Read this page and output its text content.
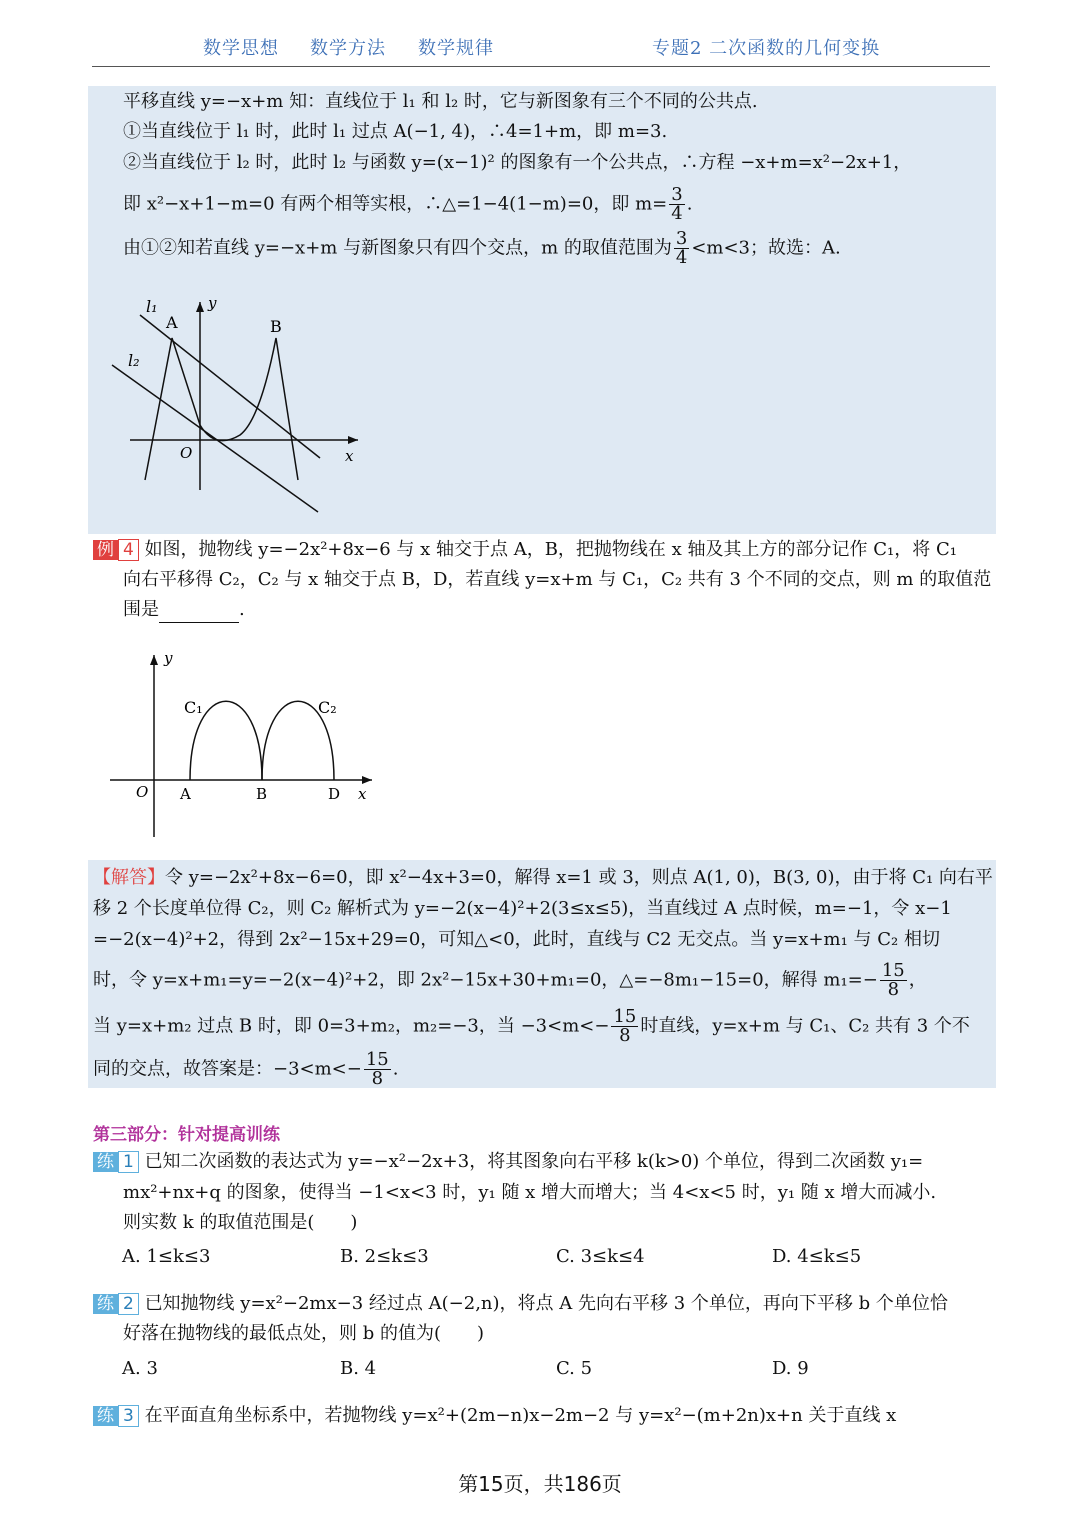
数学思想 数学方法 数学规律	专题2 二次函数的几何变换
平移直线 y=−x+m 知：直线位于 l₁ 和 l₂ 时，它与新图象有三个不同的公共点.
①当直线位于 l₁ 时，此时 l₁ 过点 A(−1, 4)，∴4=1+m，即 m=3.
②当直线位于 l₂ 时，此时 l₂ 与函数 y=(x−1)² 的图象有一个公共点，∴方程 −x+m=x²−2x+1，
即 x²−x+1−m=0 有两个相等实根，∴△=1−4(1−m)=0，即 $m= \frac{3}{4}$ .
由①②知若直线 y=−x+m 与新图象只有四个交点，m 的取值范围为 $\frac{3}{4} <m<3$；故选：A.
l₁
A	B
l₂
O	x
y
例 4 如图，抛物线 y=−2x²+8x−6 与 x 轴交于点 A，B，把抛物线在 x 轴及其上方的部分记作 C₁，将 C₁
向右平移得 C₂，C₂ 与 x 轴交于点 B，D，若直线 y=x+m 与 C₁，C₂ 共有 3 个不同的交点，则 m 的取值范
围是	.
C₁	C₂
O A	B	D x
y
【解答】令 y=−2x²+8x−6=0，即 x²−4x+3=0，解得 x=1 或 3，则点 A(1, 0)，B(3, 0)，由于将 C₁ 向右平
移 2 个长度单位得 C₂，则 C₂ 解析式为 y=−2(x−4)²+2(3≤x≤5)，当直线过 A 点时候，m=−1，令 x−1
=−2(x−4)²+2，得到 2x²−15x+29=0，可知△<0，此时，直线与 C2 无交点。当 y=x+m₁ 与 C₂ 相切
时，令 y=x+m₁=y=−2(x−4)²+2，即 2x²−15x+30+m₁=0，△=−8m₁−15=0，解得 $m_1=- \frac{15}{8}$ ，
当 y=x+m₂ 过点 B 时，即 0=3+m₂，m₂=−3，当 $-3<m<- \frac{15}{8}$ 时直线，y=x+m 与 C₁、C₂ 共有 3 个不
同的交点，故答案是：$-3<m<- \frac{15}{8}$ .
第三部分：针对提高训练
练 1 已知二次函数的表达式为 y=−x²−2x+3，将其图象向右平移 k(k>0) 个单位，得到二次函数 y₁=
mx²+nx+q 的图象，使得当 −1<x<3 时，y₁ 随 x 增大而增大；当 4<x<5 时，y₁ 随 x 增大而减小.
则实数 k 的取值范围是(　　)
A. 1≤k≤3	B. 2≤k≤3	C. 3≤k≤4	D. 4≤k≤5
练 2 已知抛物线 y=x²−2mx−3 经过点 A(−2,n)，将点 A 先向右平移 3 个单位，再向下平移 b 个单位恰
好落在抛物线的最低点处，则 b 的值为(　　)
A. 3	B. 4	C. 5	D. 9
练 3 在平面直角坐标系中，若抛物线 y=x²+(2m−n)x−2m−2 与 y=x²−(m+2n)x+n 关于直线 x
第15页，共186页
